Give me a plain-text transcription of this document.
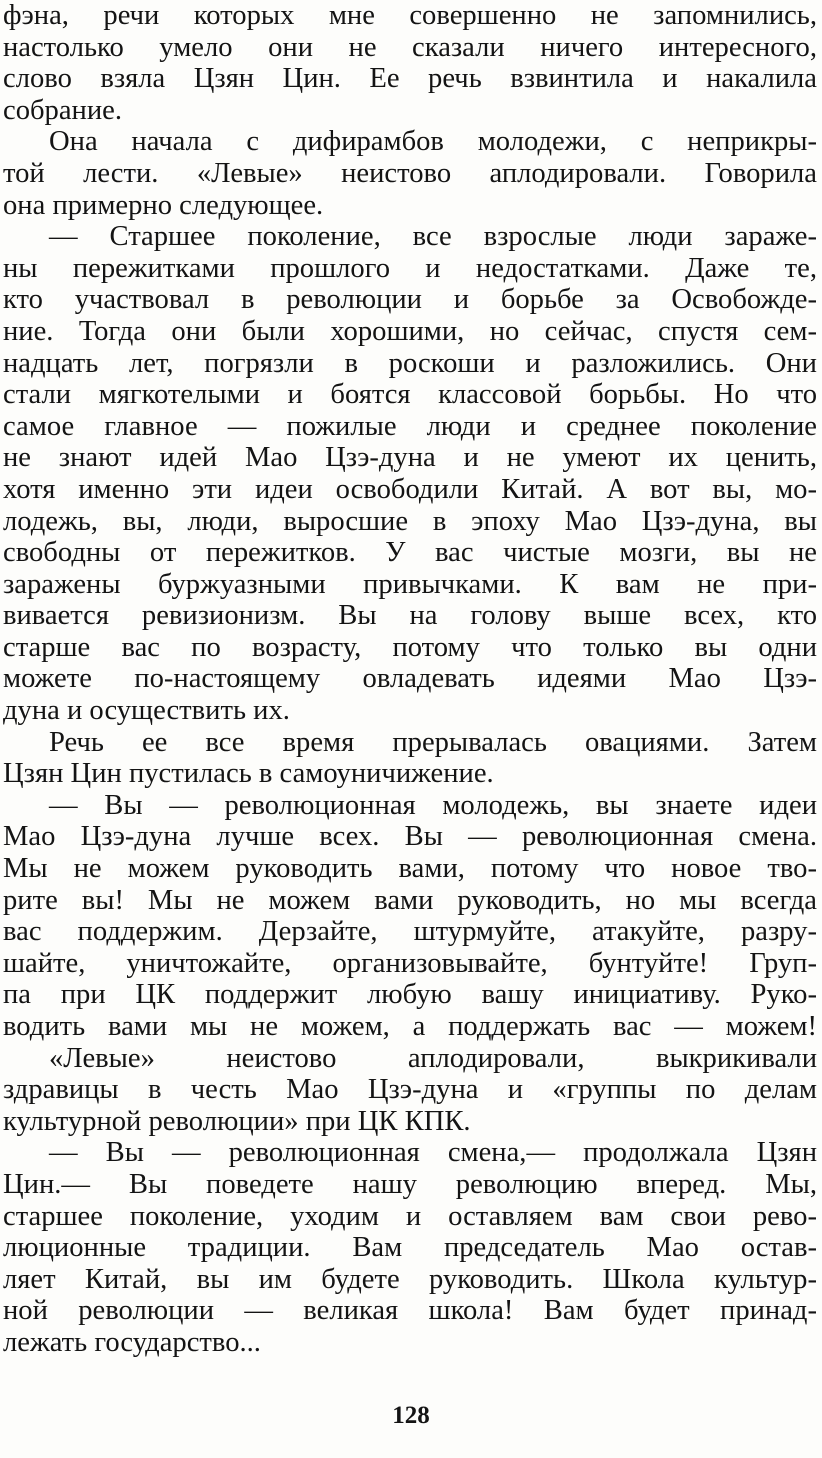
фэна, речи которых мне совершенно не запомнились,
настолько умело они не сказали ничего интересного,
слово взяла Цзян Цин. Ее речь взвинтила и накалила
собрание.
Она начала с дифирамбов молодежи, с неприкры-
той лести. «Левые» неистово аплодировали. Говорила
она примерно следующее.
— Старшее поколение, все взрослые люди зараже-
ны пережитками прошлого и недостатками. Даже те,
кто участвовал в революции и борьбе за Освобожде-
ние. Тогда они были хорошими, но сейчас, спустя сем-
надцать лет, погрязли в роскоши и разложились. Они
стали мягкотелыми и боятся классовой борьбы. Но что
самое главное — пожилые люди и среднее поколение
не знают идей Мао Цзэ-дуна и не умеют их ценить,
хотя именно эти идеи освободили Китай. А вот вы, мо-
лодежь, вы, люди, выросшие в эпоху Мао Цзэ-дуна, вы
свободны от пережитков. У вас чистые мозги, вы не
заражены буржуазными привычками. К вам не при-
вивается ревизионизм. Вы на голову выше всех, кто
старше вас по возрасту, потому что только вы одни
можете по-настоящему овладевать идеями Мао Цзэ-
дуна и осуществить их.
Речь ее все время прерывалась овациями. Затем
Цзян Цин пустилась в самоуничижение.
— Вы — революционная молодежь, вы знаете идеи
Мао Цзэ-дуна лучше всех. Вы — революционная смена.
Мы не можем руководить вами, потому что новое тво-
рите вы! Мы не можем вами руководить, но мы всегда
вас поддержим. Дерзайте, штурмуйте, атакуйте, разру-
шайте, уничтожайте, организовывайте, бунтуйте! Груп-
па при ЦК поддержит любую вашу инициативу. Руко-
водить вами мы не можем, а поддержать вас — можем!
«Левые» неистово аплодировали, выкрикивали
здравицы в честь Мао Цзэ-дуна и «группы по делам
культурной революции» при ЦК КПК.
— Вы — революционная смена,— продолжала Цзян
Цин.— Вы поведете нашу революцию вперед. Мы,
старшее поколение, уходим и оставляем вам свои рево-
люционные традиции. Вам председатель Мао остав-
ляет Китай, вы им будете руководить. Школа культур-
ной революции — великая школа! Вам будет принад-
лежать государство...
128
